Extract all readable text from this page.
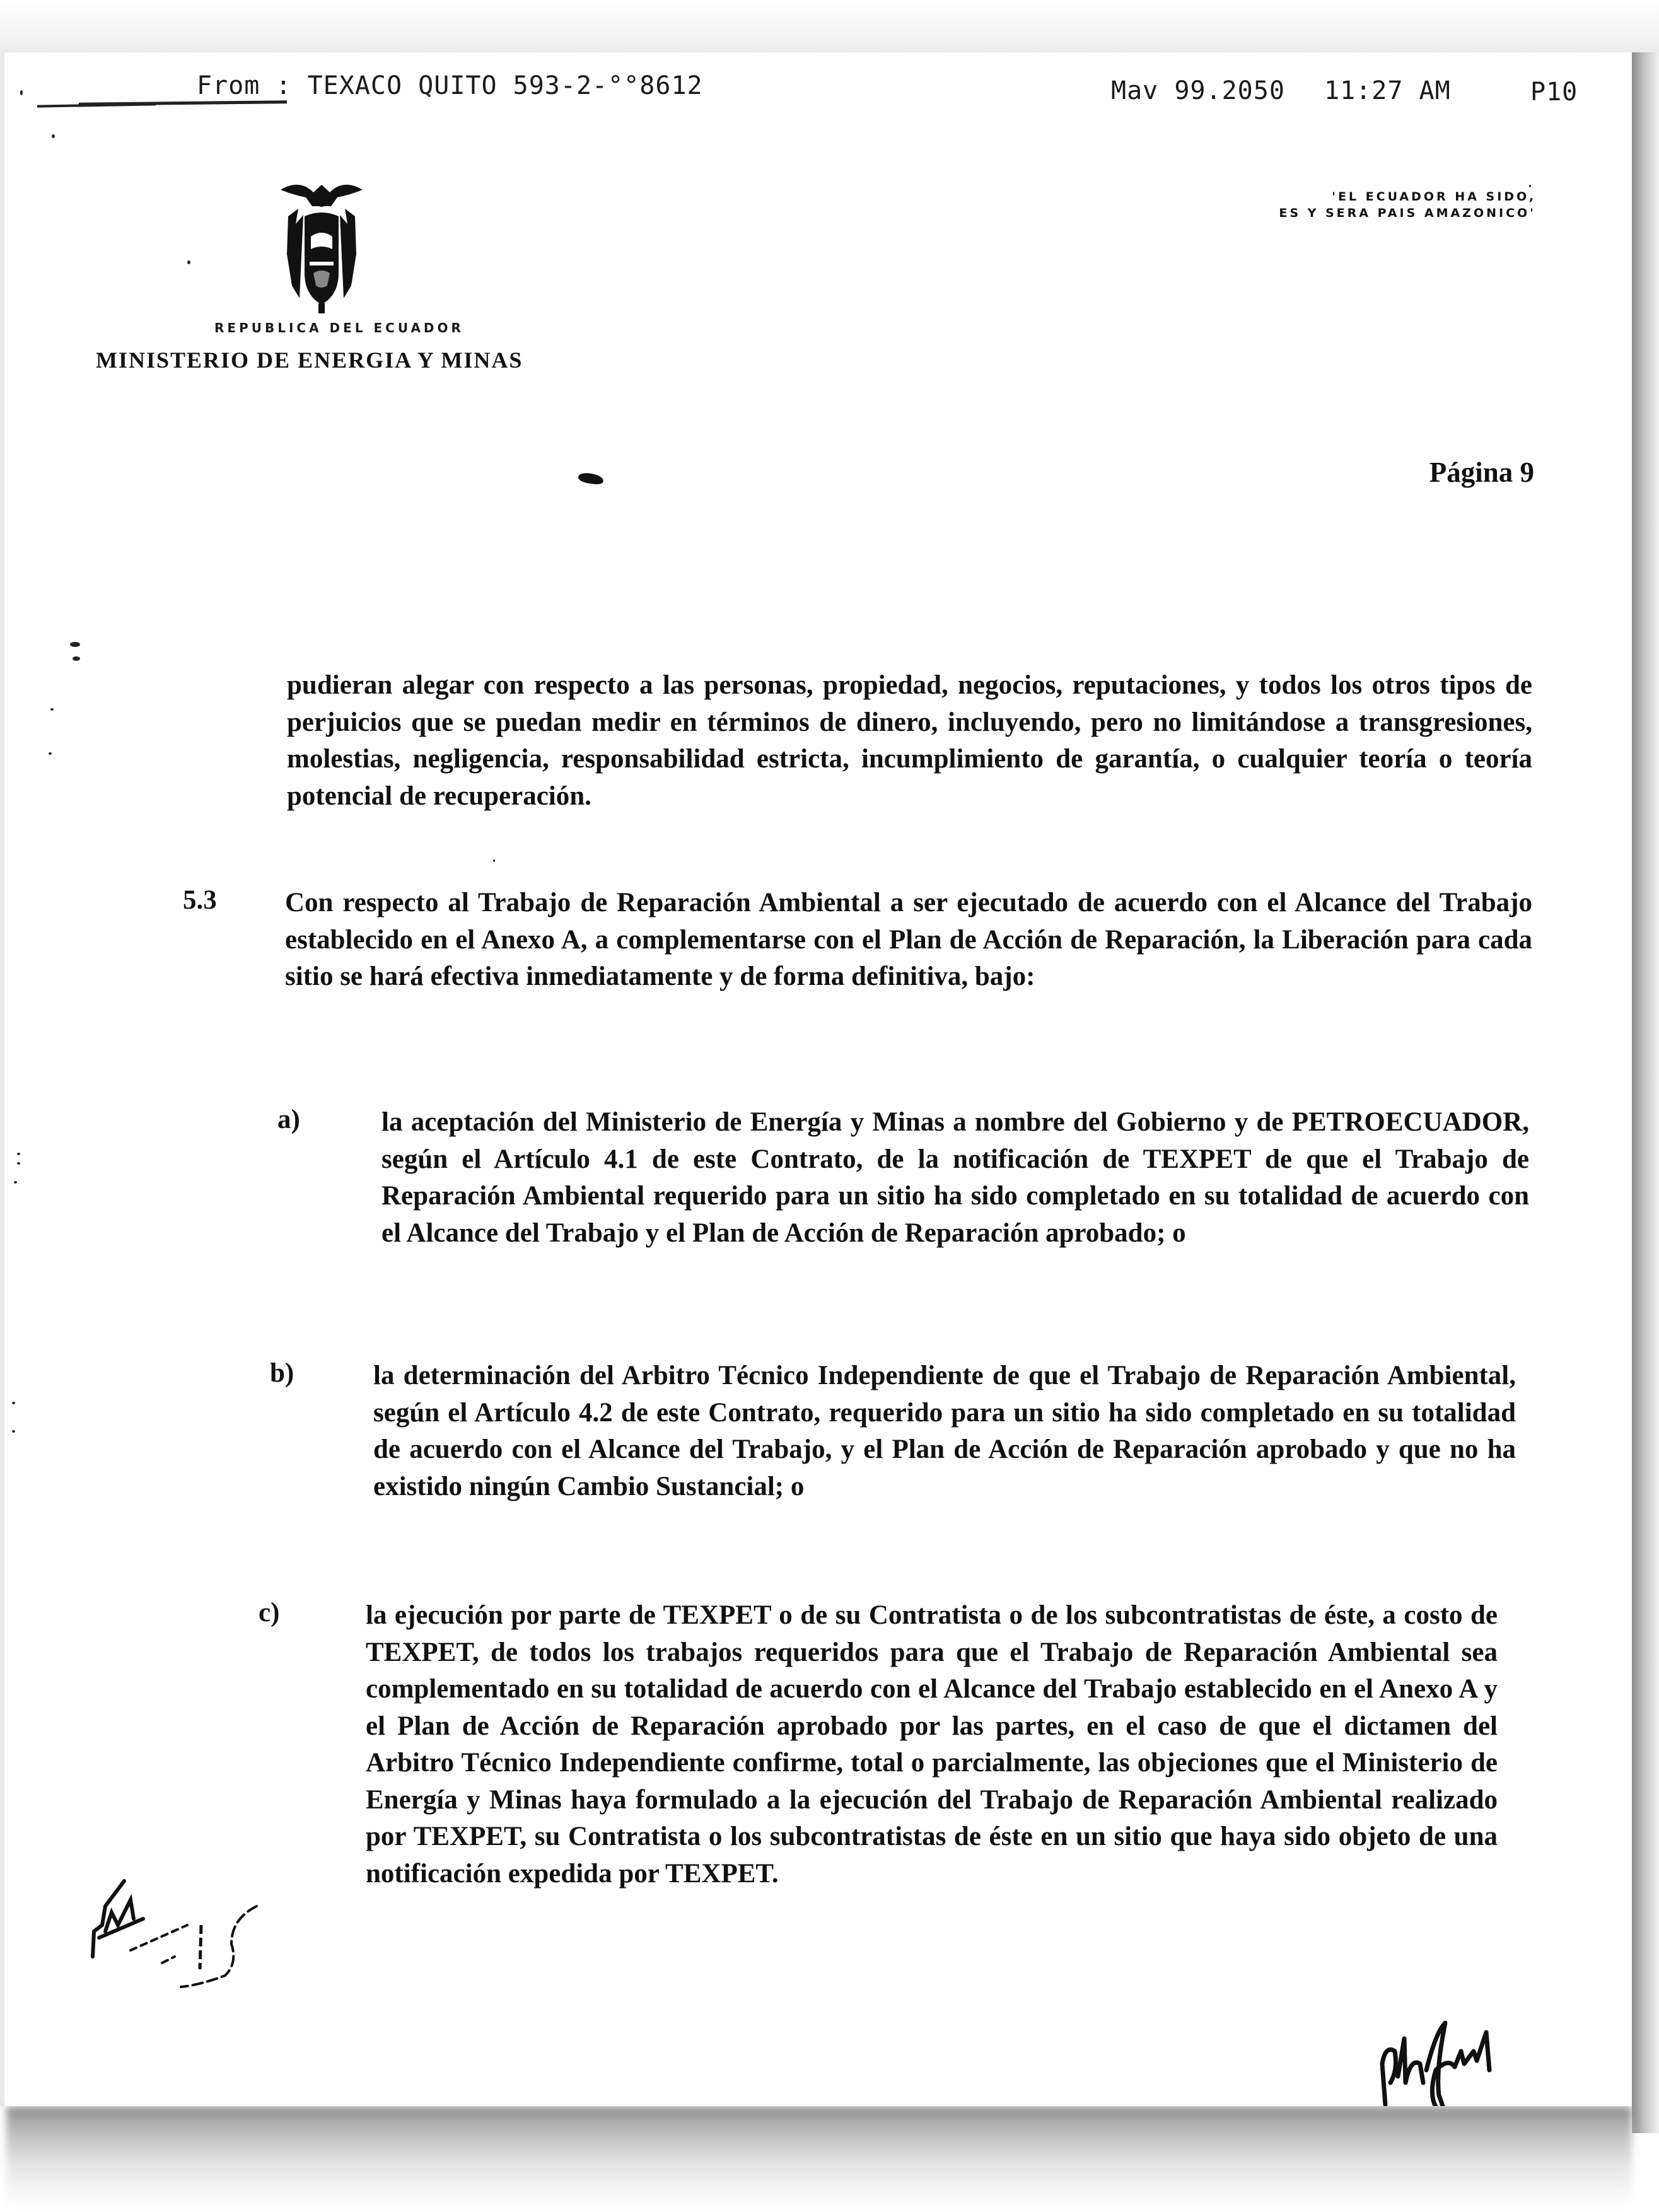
From : TEXACO QUITO 593-2-°°8612	Mav 99.2050 11:27 AM	P10
REPUBLICA DEL ECUADOR
MINISTERIO DE ENERGIA Y MINAS
'EL ECUADOR HA SIDO,
ES Y SERA PAIS AMAZONICO'
Página 9
pudieran alegar con respecto a las personas, propiedad, negocios, reputaciones, y todos los otros tipos de perjuicios que se puedan medir en términos de dinero, incluyendo, pero no limitándose a transgresiones, molestias, negligencia, responsabilidad estricta, incumplimiento de garantía, o cualquier teoría o teoría potencial de recuperación.
5.3	Con respecto al Trabajo de Reparación Ambiental a ser ejecutado de acuerdo con el Alcance del Trabajo establecido en el Anexo A, a complementarse con el Plan de Acción de Reparación, la Liberación para cada sitio se hará efectiva inmediatamente y de forma definitiva, bajo:
a)	la aceptación del Ministerio de Energía y Minas a nombre del Gobierno y de PETROECUADOR, según el Artículo 4.1 de este Contrato, de la notificación de TEXPET de que el Trabajo de Reparación Ambiental requerido para un sitio ha sido completado en su totalidad de acuerdo con el Alcance del Trabajo y el Plan de Acción de Reparación aprobado; o
b)	la determinación del Arbitro Técnico Independiente de que el Trabajo de Reparación Ambiental, según el Artículo 4.2 de este Contrato, requerido para un sitio ha sido completado en su totalidad de acuerdo con el Alcance del Trabajo, y el Plan de Acción de Reparación aprobado y que no ha existido ningún Cambio Sustancial; o
c)	la ejecución por parte de TEXPET o de su Contratista o de los subcontratistas de éste, a costo de TEXPET, de todos los trabajos requeridos para que el Trabajo de Reparación Ambiental sea complementado en su totalidad de acuerdo con el Alcance del Trabajo establecido en el Anexo A y el Plan de Acción de Reparación aprobado por las partes, en el caso de que el dictamen del Arbitro Técnico Independiente confirme, total o parcialmente, las objeciones que el Ministerio de Energía y Minas haya formulado a la ejecución del Trabajo de Reparación Ambiental realizado por TEXPET, su Contratista o los subcontratistas de éste en un sitio que haya sido objeto de una notificación expedida por TEXPET.
